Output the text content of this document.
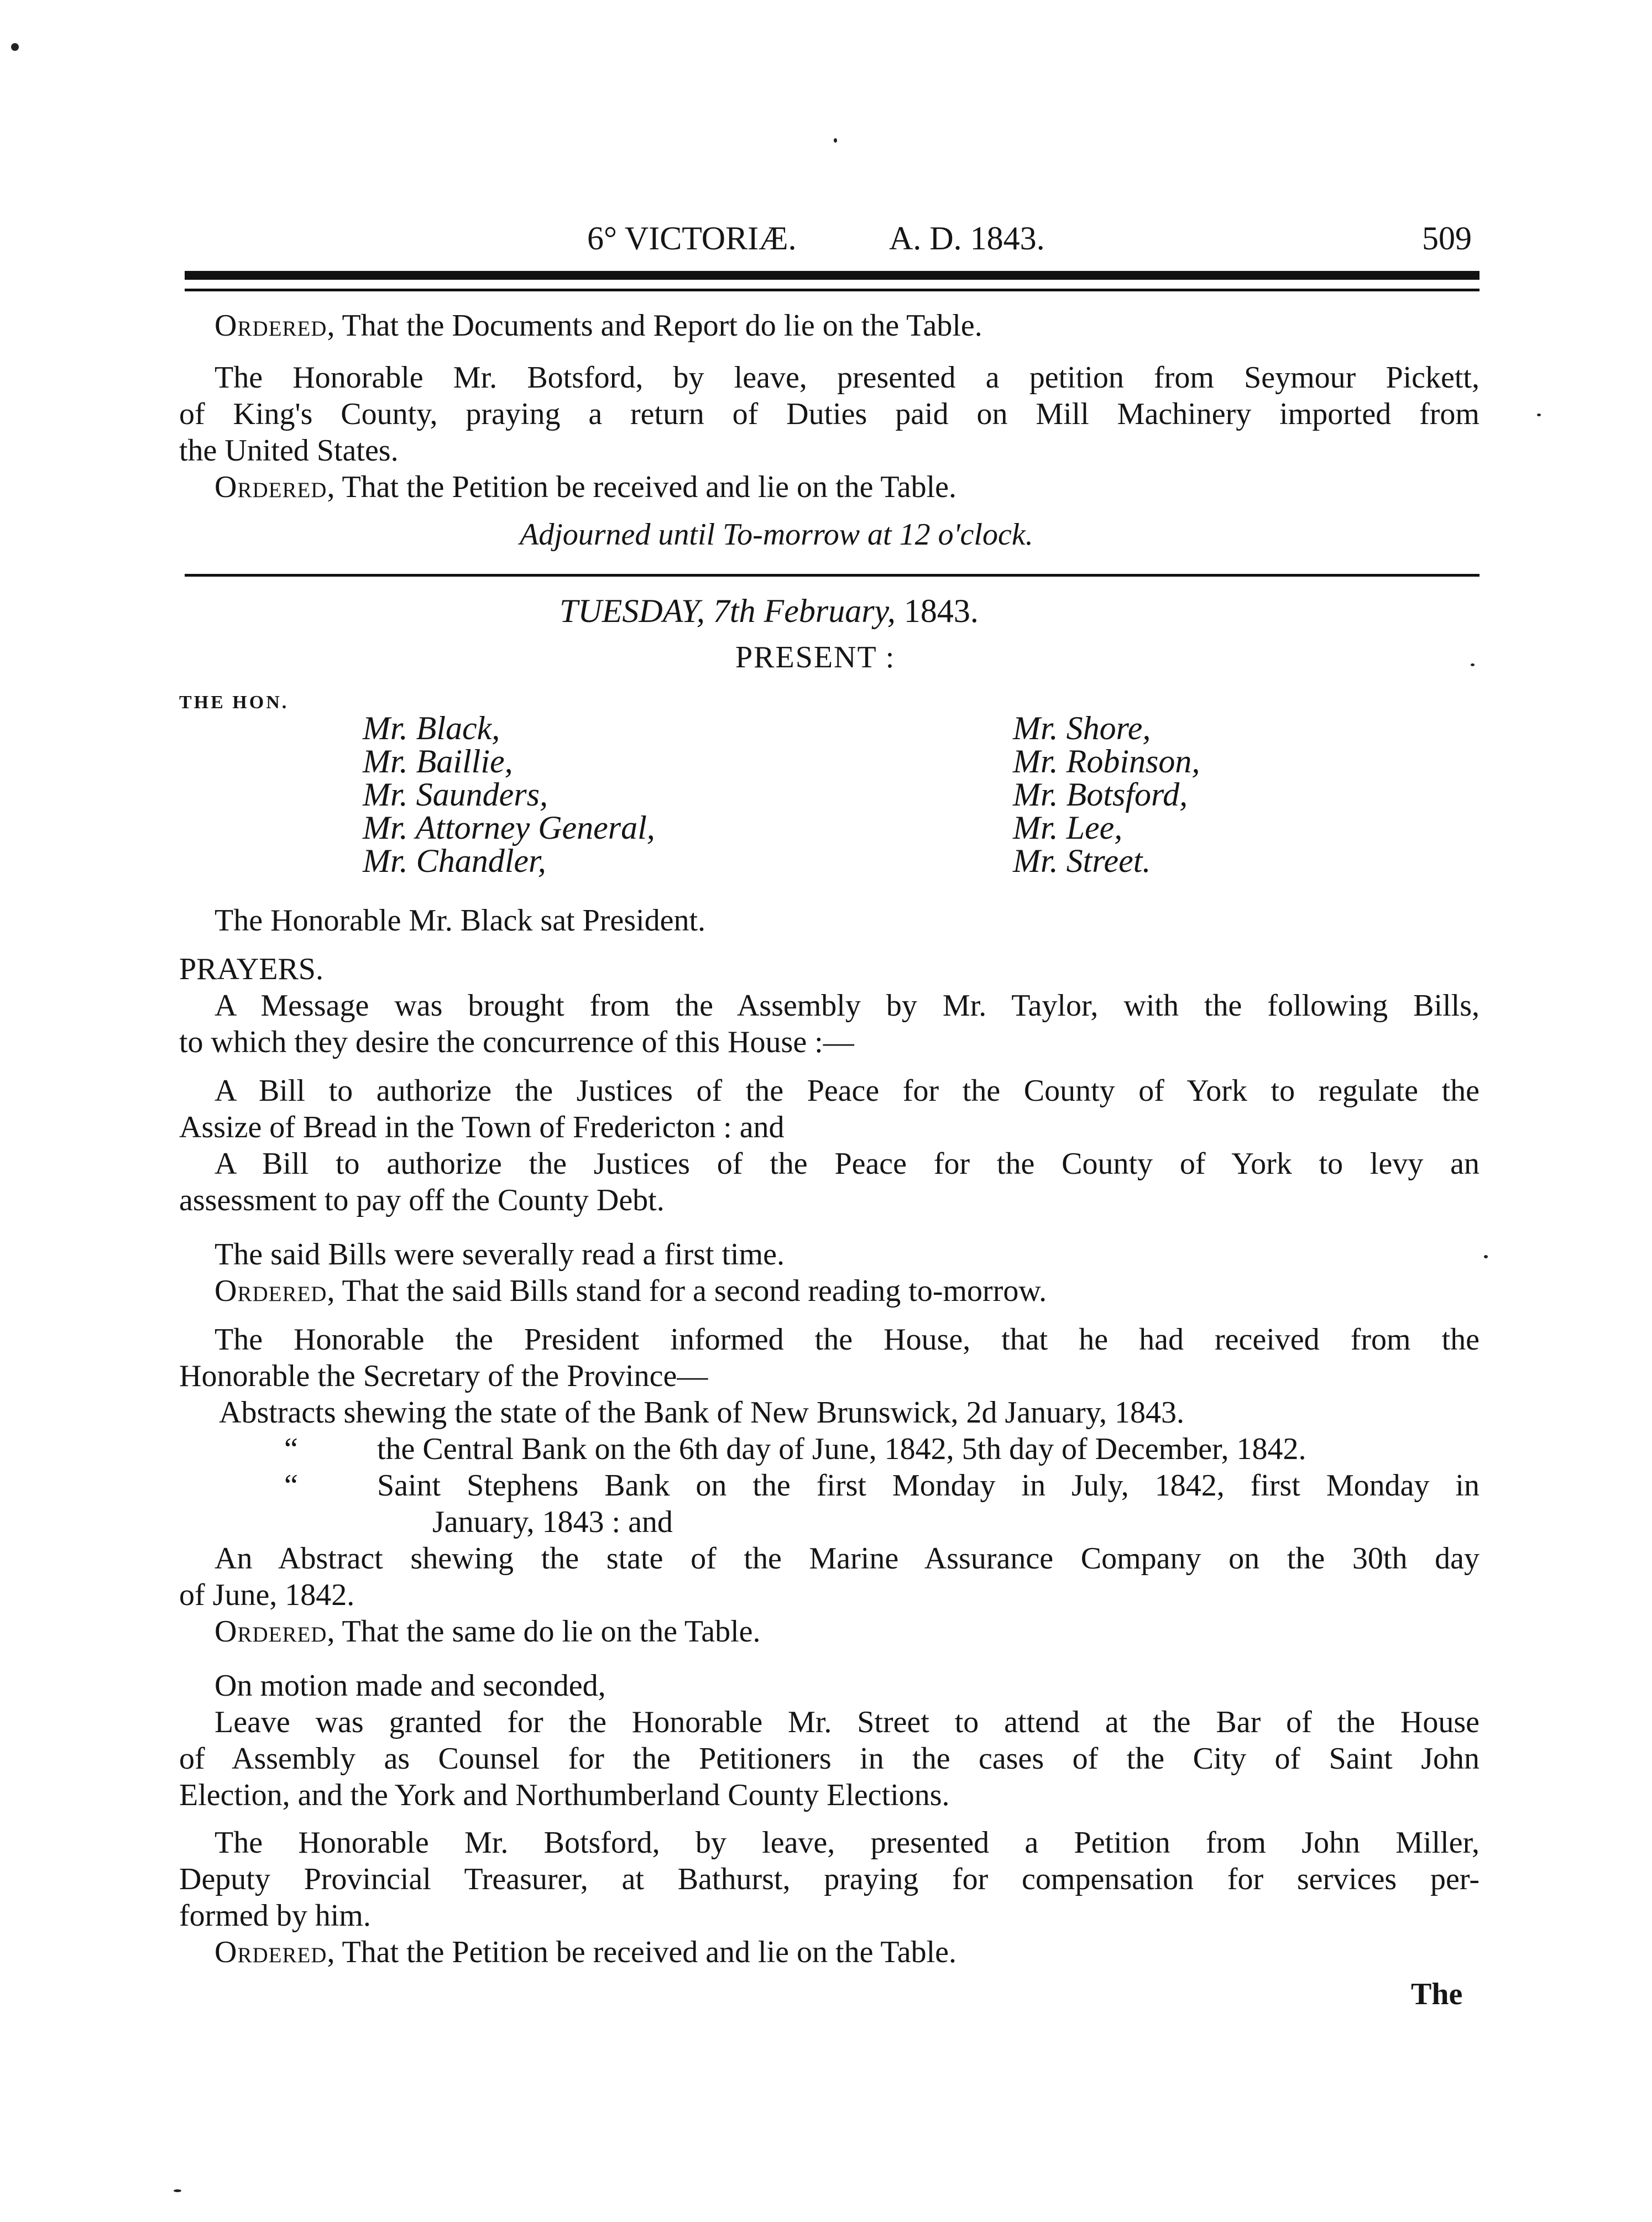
6° VICTORIÆ.	A. D. 1843.	509
Ordered, That the Documents and Report do lie on the Table.
The Honorable Mr. Botsford, by leave, presented a petition from Seymour Pickett,
of King's County, praying a return of Duties paid on Mill Machinery imported from
the United States.
Ordered, That the Petition be received and lie on the Table.
Adjourned until To-morrow at 12 o'clock.
TUESDAY, 7th February, 1843.
PRESENT :
THE HON.
Mr. Black,
Mr. Baillie,
Mr. Saunders,
Mr. Attorney General,
Mr. Chandler,
Mr. Shore,
Mr. Robinson,
Mr. Botsford,
Mr. Lee,
Mr. Street.
The Honorable Mr. Black sat President.
PRAYERS.
A Message was brought from the Assembly by Mr. Taylor, with the following Bills,
to which they desire the concurrence of this House :—
A Bill to authorize the Justices of the Peace for the County of York to regulate the
Assize of Bread in the Town of Fredericton : and
A Bill to authorize the Justices of the Peace for the County of York to levy an
assessment to pay off the County Debt.
The said Bills were severally read a first time.
Ordered, That the said Bills stand for a second reading to-morrow.
The Honorable the President informed the House, that he had received from the
Honorable the Secretary of the Province—
Abstracts shewing the state of the Bank of New Brunswick, 2d January, 1843.
“	the Central Bank on the 6th day of June, 1842, 5th day of December, 1842.
“	Saint Stephens Bank on the first Monday in July, 1842, first Monday in
January, 1843 : and
An Abstract shewing the state of the Marine Assurance Company on the 30th day
of June, 1842.
Ordered, That the same do lie on the Table.
On motion made and seconded,
Leave was granted for the Honorable Mr. Street to attend at the Bar of the House
of Assembly as Counsel for the Petitioners in the cases of the City of Saint John
Election, and the York and Northumberland County Elections.
The Honorable Mr. Botsford, by leave, presented a Petition from John Miller,
Deputy Provincial Treasurer, at Bathurst, praying for compensation for services per-
formed by him.
Ordered, That the Petition be received and lie on the Table.
The
